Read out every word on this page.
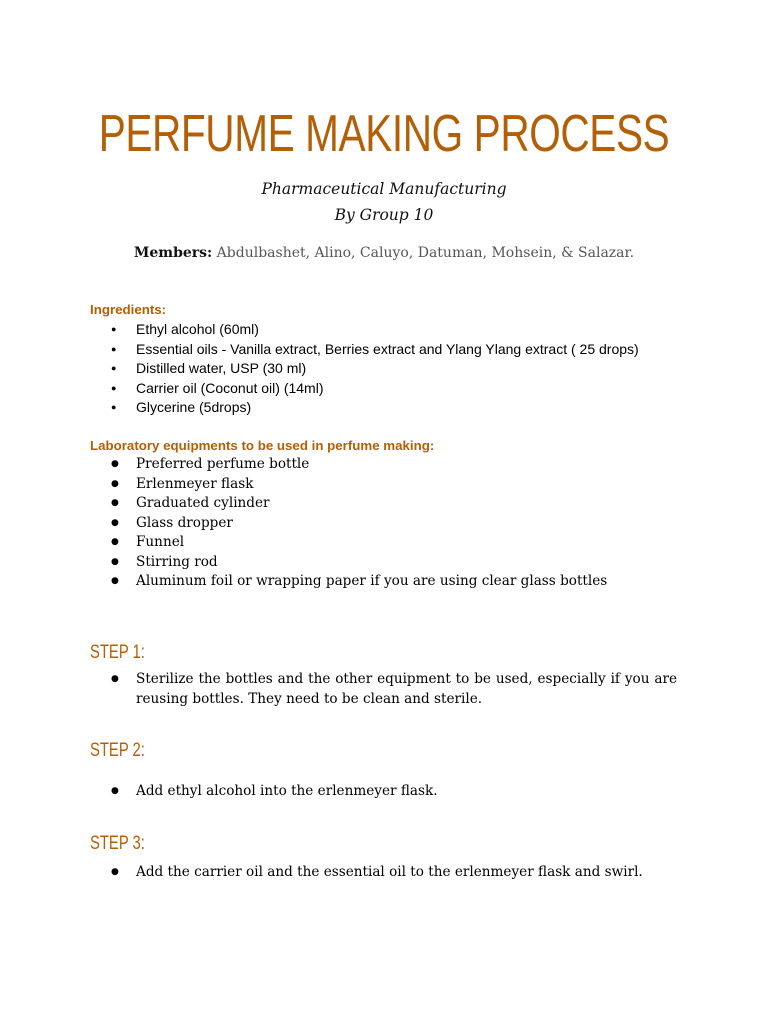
PERFUME MAKING PROCESS
Pharmaceutical Manufacturing
By Group 10
Members: Abdulbashet, Alino, Caluyo, Datuman, Mohsein, & Salazar.
Ingredients:
● Ethyl alcohol (60ml)
● Essential oils - Vanilla extract, Berries extract and Ylang Ylang extract ( 25 drops)
● Distilled water, USP (30 ml)
● Carrier oil (Coconut oil) (14ml)
● Glycerine (5drops)
Laboratory equipments to be used in perfume making:
● Preferred perfume bottle
● Erlenmeyer flask
● Graduated cylinder
● Glass dropper
● Funnel
● Stirring rod
● Aluminum foil or wrapping paper if you are using clear glass bottles
STEP 1:
● Sterilize the bottles and the other equipment to be used, especially if you are reusing bottles. They need to be clean and sterile.
STEP 2:
● Add ethyl alcohol into the erlenmeyer flask.
STEP 3:
● Add the carrier oil and the essential oil to the erlenmeyer flask and swirl.
